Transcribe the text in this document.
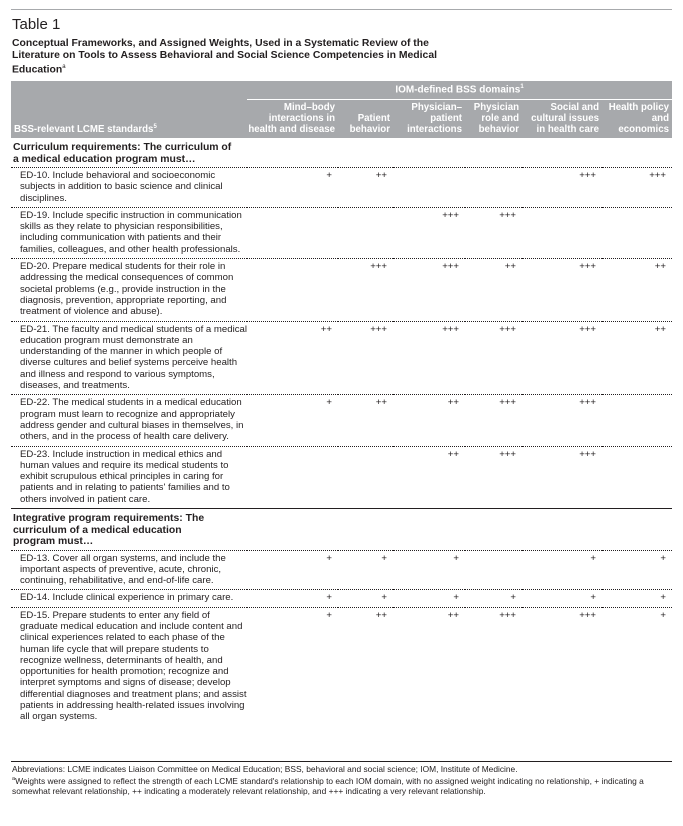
Table 1
Conceptual Frameworks, and Assigned Weights, Used in a Systematic Review of the Literature on Tools to Assess Behavioral and Social Science Competencies in Medical Education$^a$
	IOM-defined BSS domains$^1$
BSS-relevant LCME standards$^5$	Mind–body interactions in health and disease	Patient behavior	Physician–patient interactions	Physician role and behavior	Social and cultural issues in health care	Health policy and economics

Curriculum requirements: The curriculum of a medical education program must…						

ED-10. Include behavioral and socioeconomic subjects in addition to basic science and clinical disciplines.	+	++			+++	+++
ED-19. Include specific instruction in communication skills as they relate to physician responsibilities, including communication with patients and their families, colleagues, and other health professionals.			+++	+++		
ED-20. Prepare medical students for their role in addressing the medical consequences of common societal problems (e.g., provide instruction in the diagnosis, prevention, appropriate reporting, and treatment of violence and abuse).		+++	+++	++	+++	++
ED-21. The faculty and medical students of a medical education program must demonstrate an understanding of the manner in which people of diverse cultures and belief systems perceive health and illness and respond to various symptoms, diseases, and treatments.	++	+++	+++	+++	+++	++
ED-22. The medical students in a medical education program must learn to recognize and appropriately address gender and cultural biases in themselves, in others, and in the process of health care delivery.	+	++	++	+++	+++	
ED-23. Include instruction in medical ethics and human values and require its medical students to exhibit scrupulous ethical principles in caring for patients and in relating to patients' families and to others involved in patient care.			++	+++	+++	

Integrative program requirements: The curriculum of a medical education program must…						

ED-13. Cover all organ systems, and include the important aspects of preventive, acute, chronic, continuing, rehabilitative, and end-of-life care.	+	+	+		+	+
ED-14. Include clinical experience in primary care.	+	+	+	+	+	+
ED-15. Prepare students to enter any field of graduate medical education and include content and clinical experiences related to each phase of the human life cycle that will prepare students to recognize wellness, determinants of health, and opportunities for health promotion; recognize and interpret symptoms and signs of disease; develop differential diagnoses and treatment plans; and assist patients in addressing health-related issues involving all organ systems.	+	++	++	+++	+++	+
Abbreviations: LCME indicates Liaison Committee on Medical Education; BSS, behavioral and social science; IOM, Institute of Medicine.
$^a$Weights were assigned to reflect the strength of each LCME standard's relationship to each IOM domain, with no assigned weight indicating no relationship, + indicating a somewhat relevant relationship, ++ indicating a moderately relevant relationship, and +++ indicating a very relevant relationship.
